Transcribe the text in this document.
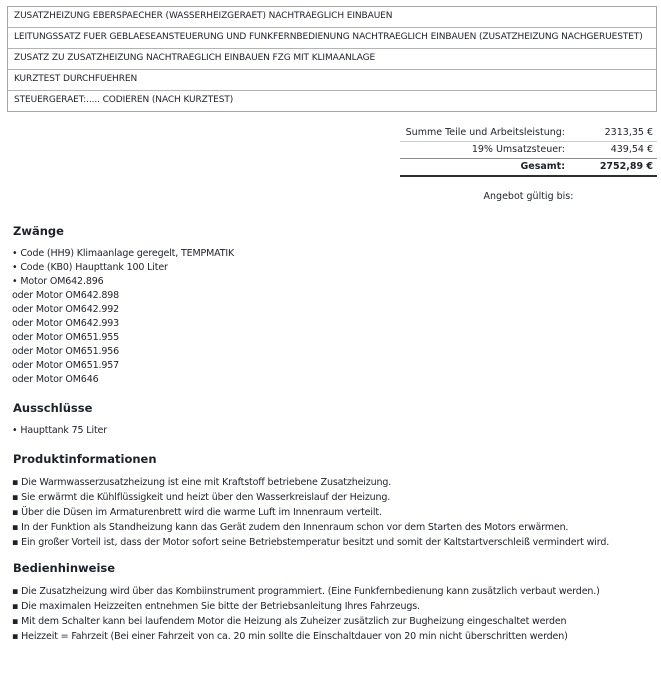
ZUSATZHEIZUNG EBERSPAECHER (WASSERHEIZGERAET) NACHTRAEGLICH EINBAUEN
LEITUNGSSATZ FUER GEBLAESEANSTEUERUNG UND FUNKFERNBEDIENUNG NACHTRAEGLICH EINBAUEN (ZUSATZHEIZUNG NACHGERUESTET)
ZUSATZ ZU ZUSATZHEIZUNG NACHTRAEGLICH EINBAUEN FZG MIT KLIMAANLAGE
KURZTEST DURCHFUEHREN
STEUERGERAET:..... CODIEREN (NACH KURZTEST)
Summe Teile und Arbeitsleistung:	2313,35 €
19% Umsatzsteuer:	439,54 €
Gesamt:	2752,89 €
Angebot gültig bis:
Zwänge
• Code (HH9) Klimaanlage geregelt, TEMPMATIK
• Code (KB0) Haupttank 100 Liter
• Motor OM642.896
oder Motor OM642.898
oder Motor OM642.992
oder Motor OM642.993
oder Motor OM651.955
oder Motor OM651.956
oder Motor OM651.957
oder Motor OM646
Ausschlüsse
• Haupttank 75 Liter
Produktinformationen
▪ Die Warmwasserzusatzheizung ist eine mit Kraftstoff betriebene Zusatzheizung.
▪ Sie erwärmt die Kühlflüssigkeit und heizt über den Wasserkreislauf der Heizung.
▪ Über die Düsen im Armaturenbrett wird die warme Luft im Innenraum verteilt.
▪ In der Funktion als Standheizung kann das Gerät zudem den Innenraum schon vor dem Starten des Motors erwärmen.
▪ Ein großer Vorteil ist, dass der Motor sofort seine Betriebstemperatur besitzt und somit der Kaltstartverschleiß vermindert wird.
Bedienhinweise
▪ Die Zusatzheizung wird über das Kombiinstrument programmiert. (Eine Funkfernbedienung kann zusätzlich verbaut werden.)
▪ Die maximalen Heizzeiten entnehmen Sie bitte der Betriebsanleitung Ihres Fahrzeugs.
▪ Mit dem Schalter kann bei laufendem Motor die Heizung als Zuheizer zusätzlich zur Bugheizung eingeschaltet werden
▪ Heizzeit = Fahrzeit (Bei einer Fahrzeit von ca. 20 min sollte die Einschaltdauer von 20 min nicht überschritten werden)
